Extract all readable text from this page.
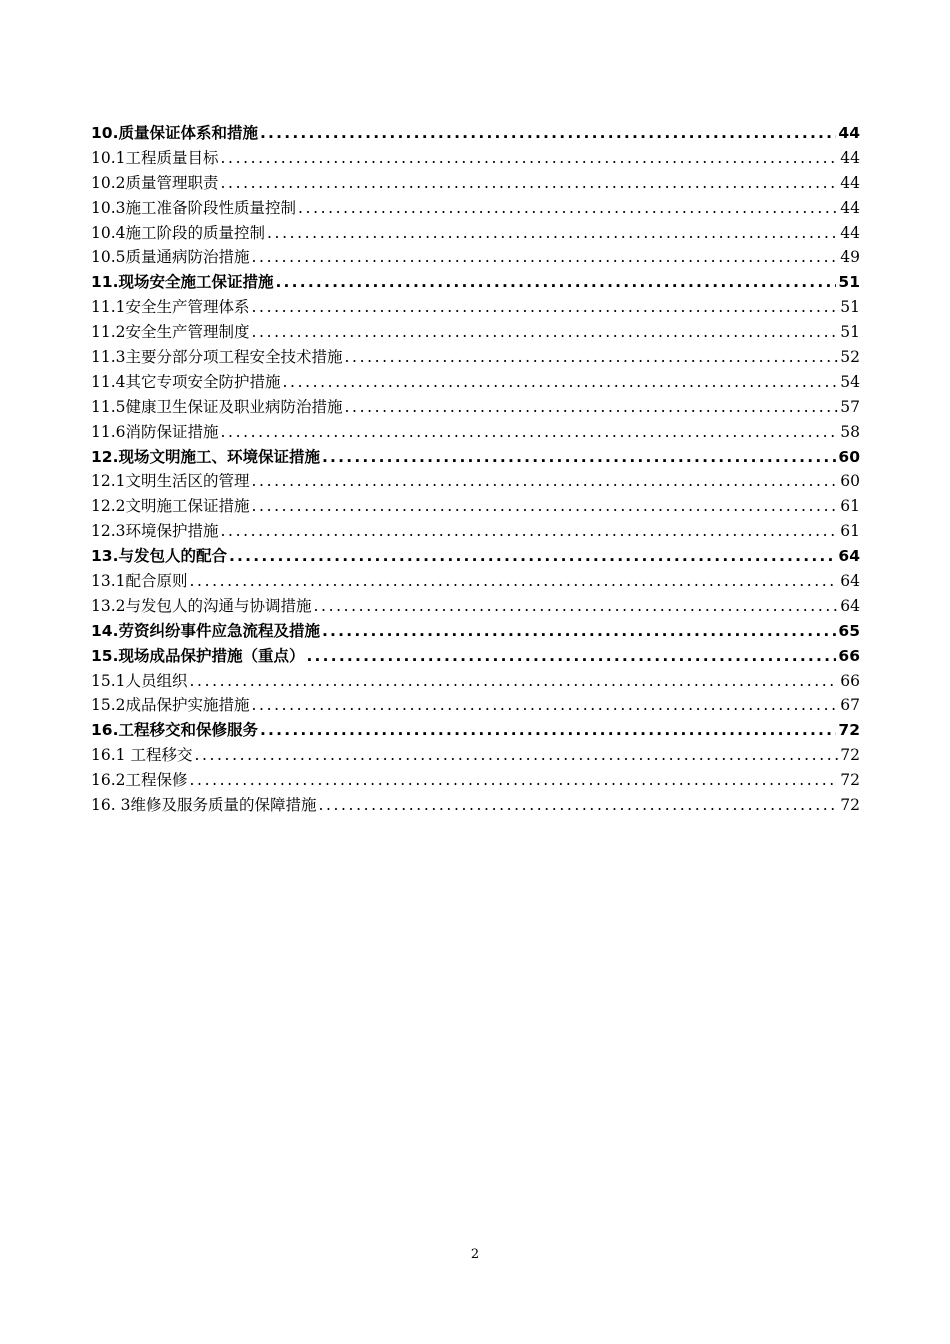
10.质量保证体系和措施 .....	44
10.1工程质量目标 .....	44
10.2质量管理职责 .....	44
10.3施工准备阶段性质量控制 .....	44
10.4施工阶段的质量控制 .....	44
10.5质量通病防治措施 .....	49
11.现场安全施工保证措施 .....	51
11.1安全生产管理体系 .....	51
11.2安全生产管理制度 .....	51
11.3主要分部分项工程安全技术措施 .....	52
11.4其它专项安全防护措施 .....	54
11.5健康卫生保证及职业病防治措施 .....	57
11.6消防保证措施 .....	58
12.现场文明施工、环境保证措施 .....	60
12.1文明生活区的管理 .....	60
12.2文明施工保证措施 .....	61
12.3环境保护措施 .....	61
13.与发包人的配合 .....	64
13.1配合原则 .....	64
13.2与发包人的沟通与协调措施 .....	64
14.劳资纠纷事件应急流程及措施 .....	65
15.现场成品保护措施（重点） .....	66
15.1人员组织 .....	66
15.2成品保护实施措施 .....	67
16.工程移交和保修服务 .....	72
16.1 工程移交 .....	72
16.2工程保修 .....	72
16. 3维修及服务质量的保障措施 .....	72
2
